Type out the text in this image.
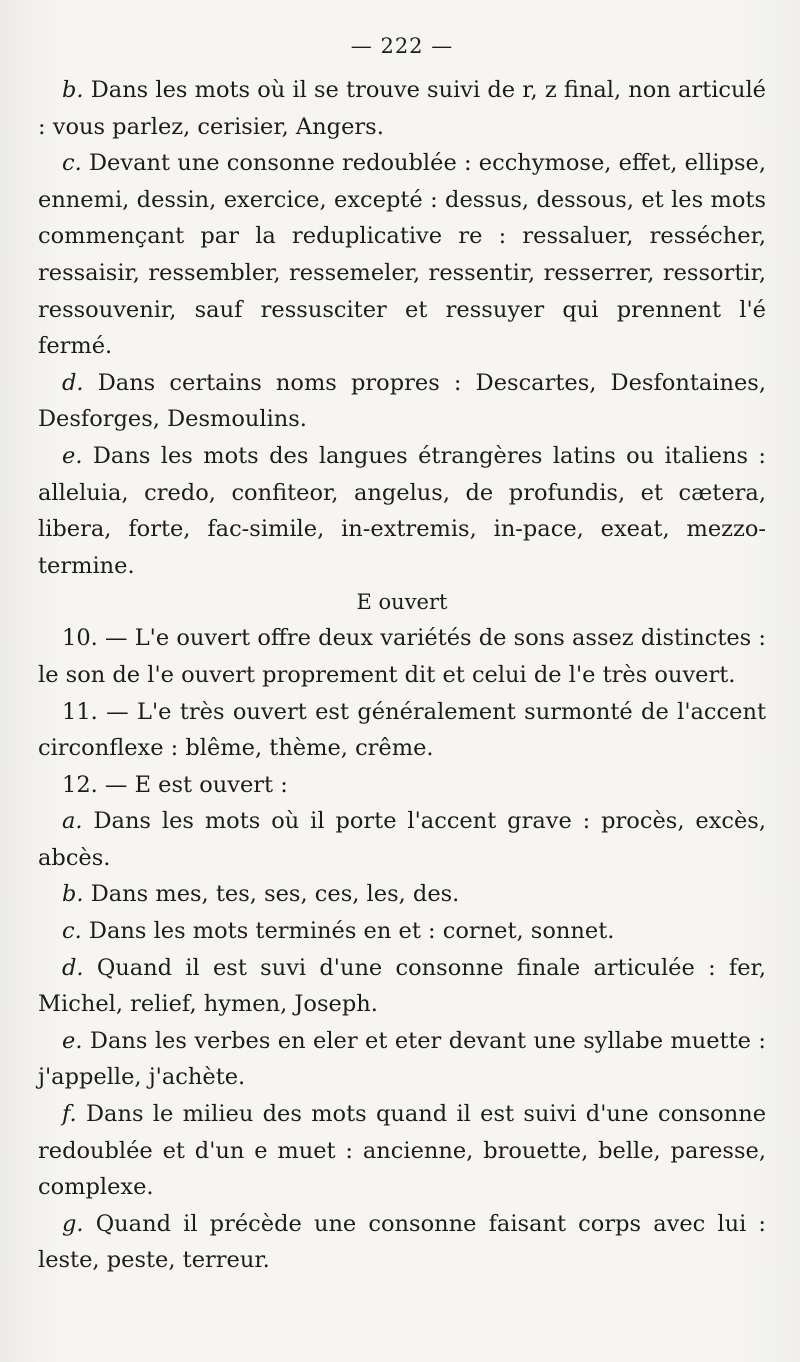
— 222 —

b. Dans les mots où il se trouve suivi de r, z final, non articulé : vous parlez, cerisier, Angers.

c. Devant une consonne redoublée : ecchymose, effet, ellipse, ennemi, dessin, exercice, excepté : dessus, dessous, et les mots commençant par la reduplicative re : ressaluer, ressécher, ressaisir, ressembler, ressemeler, ressentir, resserrer, ressortir, ressouvenir, sauf ressusciter et ressuyer qui prennent l'é fermé.

d. Dans certains noms propres : Descartes, Desfontaines, Desforges, Desmoulins.

e. Dans les mots des langues étrangères latins ou italiens : alleluia, credo, confiteor, angelus, de profundis, et cætera, libera, forte, fac-simile, in-extremis, in-pace, exeat, mezzo-termine.

E ouvert

10. — L'e ouvert offre deux variétés de sons assez distinctes : le son de l'e ouvert proprement dit et celui de l'e très ouvert.

11. — L'e très ouvert est généralement surmonté de l'accent circonflexe : blême, thème, crême.

12. — E est ouvert :

a. Dans les mots où il porte l'accent grave : procès, excès, abcès.

b. Dans mes, tes, ses, ces, les, des.

c. Dans les mots terminés en et : cornet, sonnet.

d. Quand il est suvi d'une consonne finale articulée : fer, Michel, relief, hymen, Joseph.

e. Dans les verbes en eler et eter devant une syllabe muette : j'appelle, j'achète.

f. Dans le milieu des mots quand il est suivi d'une consonne redoublée et d'un e muet : ancienne, brouette, belle, paresse, complexe.

g. Quand il précède une consonne faisant corps avec lui : leste, peste, terreur.
